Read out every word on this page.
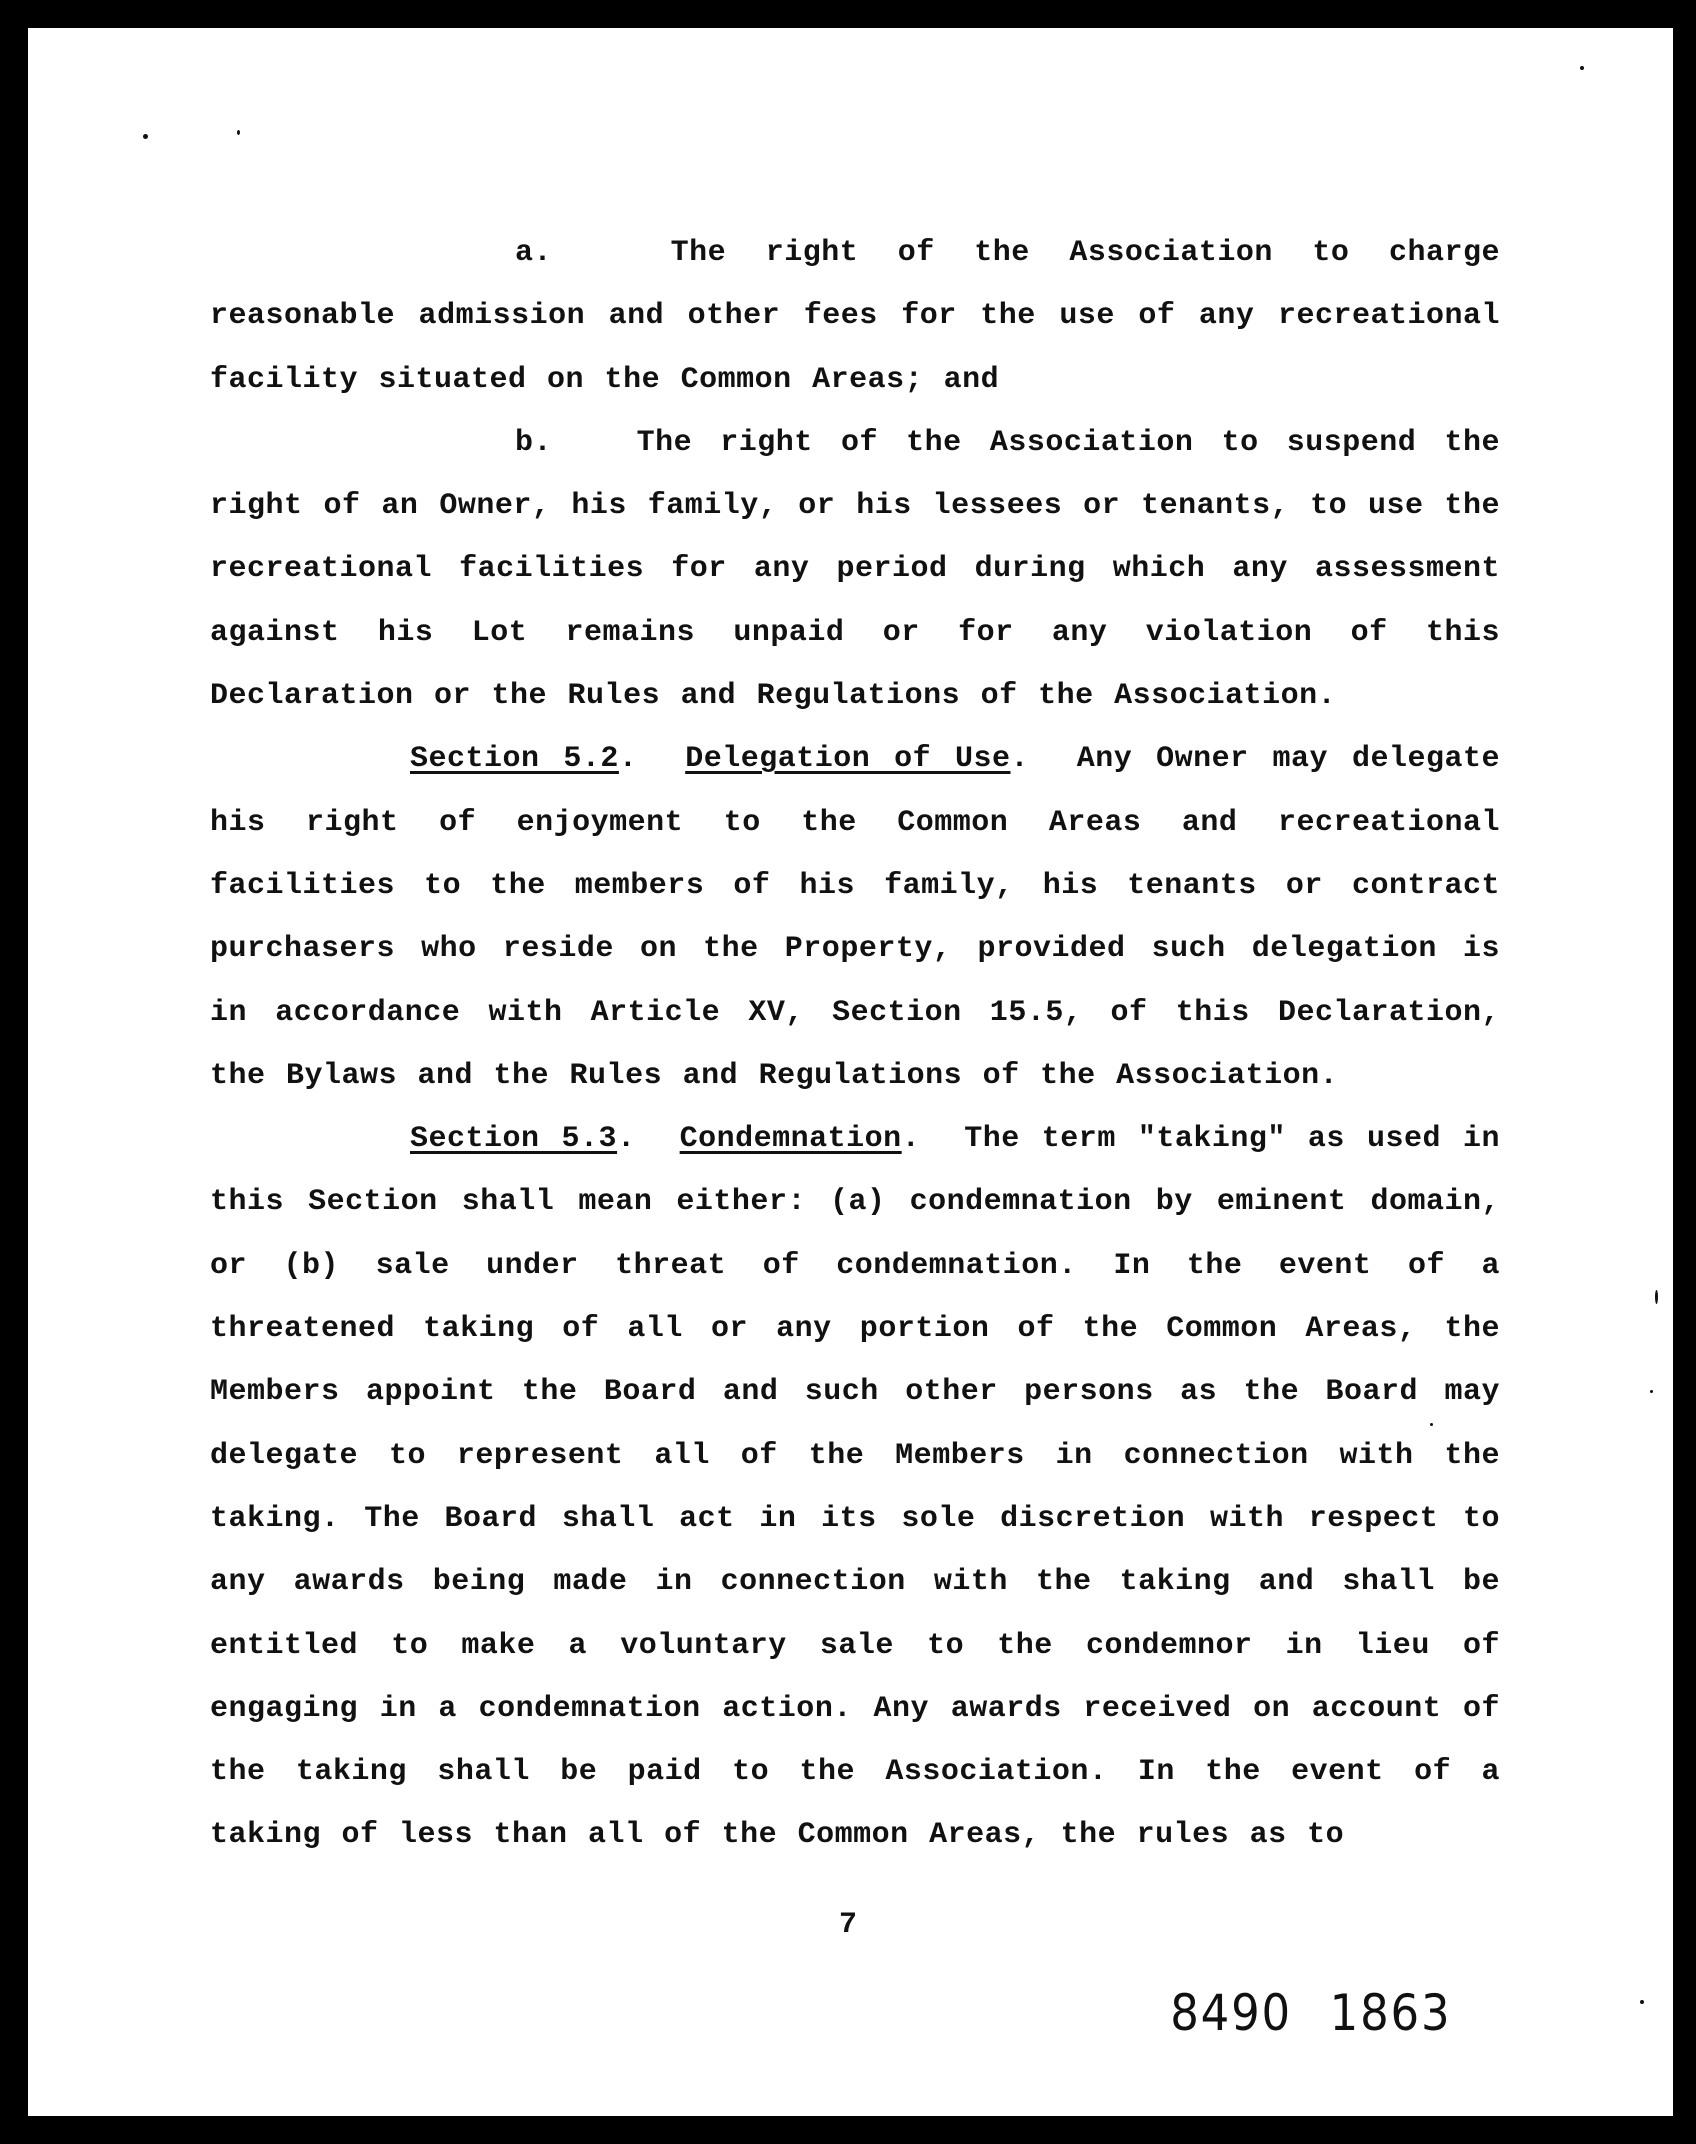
a.	The right of the Association to charge reasonable admission and other fees for the use of any recreational facility situated on the Common Areas; and

b.	The right of the Association to suspend the right of an Owner, his family, or his lessees or tenants, to use the recreational facilities for any period during which any assessment against his Lot remains unpaid or for any violation of this Declaration or the Rules and Regulations of the Association.

Section 5.2.  Delegation of Use.  Any Owner may delegate his right of enjoyment to the Common Areas and recreational facilities to the members of his family, his tenants or contract purchasers who reside on the Property, provided such delegation is in accordance with Article XV, Section 15.5, of this Declaration, the Bylaws and the Rules and Regulations of the Association.

Section 5.3.  Condemnation.  The term "taking" as used in this Section shall mean either: (a) condemnation by eminent domain, or (b) sale under threat of condemnation. In the event of a threatened taking of all or any portion of the Common Areas, the Members appoint the Board and such other persons as the Board may delegate to represent all of the Members in connection with the taking. The Board shall act in its sole discretion with respect to any awards being made in connection with the taking and shall be entitled to make a voluntary sale to the condemnor in lieu of engaging in a condemnation action. Any awards received on account of the taking shall be paid to the Association. In the event of a taking of less than all of the Common Areas, the rules as to

7
8490 1863
